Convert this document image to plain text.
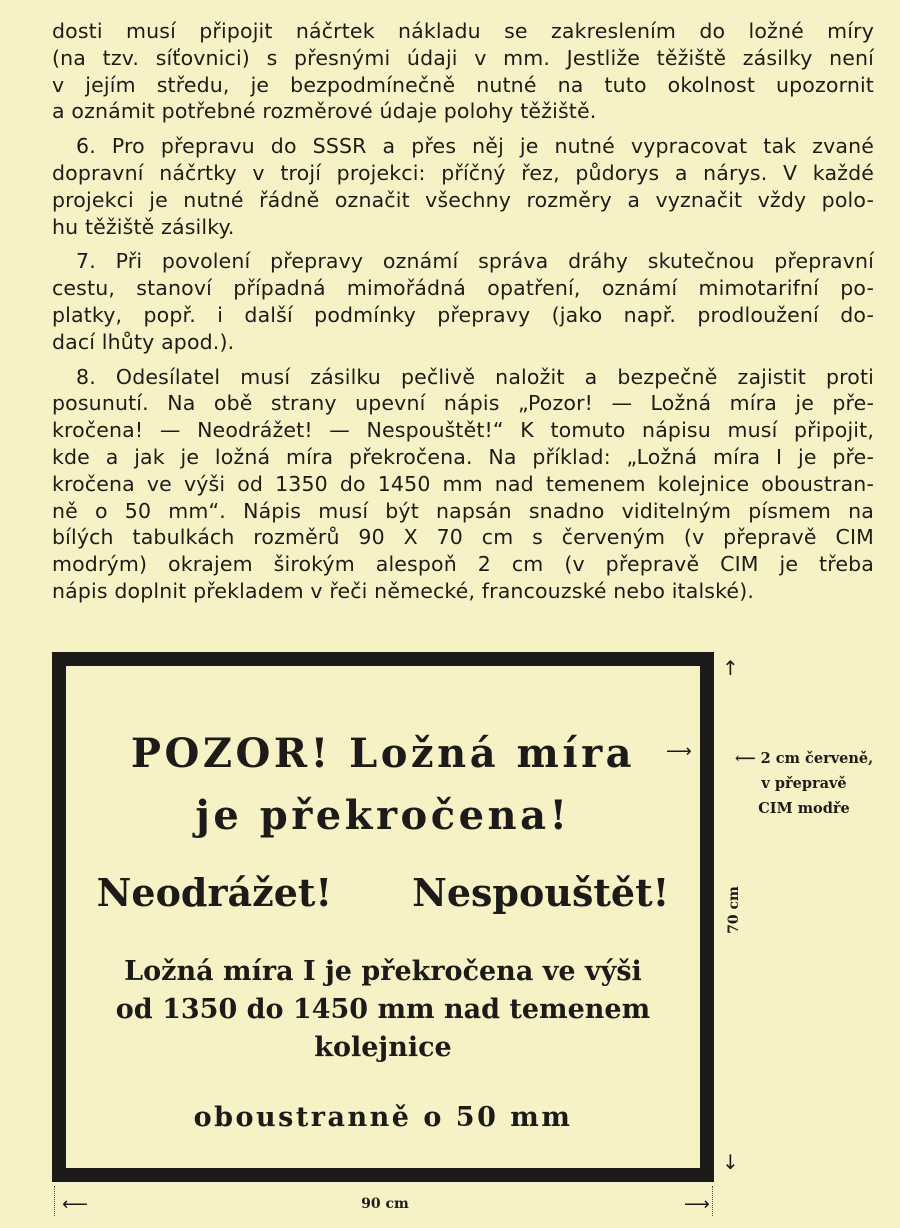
dosti musí připojit náčrtek nákladu se zakreslením do ložné míry
(na tzv. síťovnici) s přesnými údaji v mm. Jestliže těžiště zásilky není
v jejím středu, je bezpodmínečně nutné na tuto okolnost upozornit
a oznámit potřebné rozměrové údaje polohy těžiště.

6. Pro přepravu do SSSR a přes něj je nutné vypracovat tak zvané
dopravní náčrtky v trojí projekci: příčný řez, půdorys a nárys. V každé
projekci je nutné řádně označit všechny rozměry a vyznačit vždy polo-
hu těžiště zásilky.

7. Při povolení přepravy oznámí správa dráhy skutečnou přepravní
cestu, stanoví případná mimořádná opatření, oznámí mimotarifní po-
platky, popř. i další podmínky přepravy (jako např. prodloužení do-
dací lhůty apod.).

8. Odesílatel musí zásilku pečlivě naložit a bezpečně zajistit proti
posunutí. Na obě strany upevní nápis „Pozor! — Ložná míra je pře-
kročena! — Neodrážet! — Nespouštět!“ K tomuto nápisu musí připojit,
kde a jak je ložná míra překročena. Na příklad: „Ložná míra I je pře-
kročena ve výši od 1350 do 1450 mm nad temenem kolejnice oboustran-
ně o 50 mm“. Nápis musí být napsán snadno viditelným písmem na
bílých tabulkách rozměrů 90 X 70 cm s červeným (v přepravě CIM
modrým) okrajem širokým alespoň 2 cm (v přepravě CIM je třeba
nápis doplnit překladem v řeči německé, francouzské nebo italské).

POZOR! Ložná míra
je překročena!
Neodrážet! Nespouštět!
Ložná míra I je překročena ve výši
od 1350 do 1450 mm nad temenem
kolejnice
oboustranně o 50 mm
⟶	⟵ 2 cm červeně,
v přepravě
CIM modře
↑
70 cm
↓
⟵	90 cm	⟶
